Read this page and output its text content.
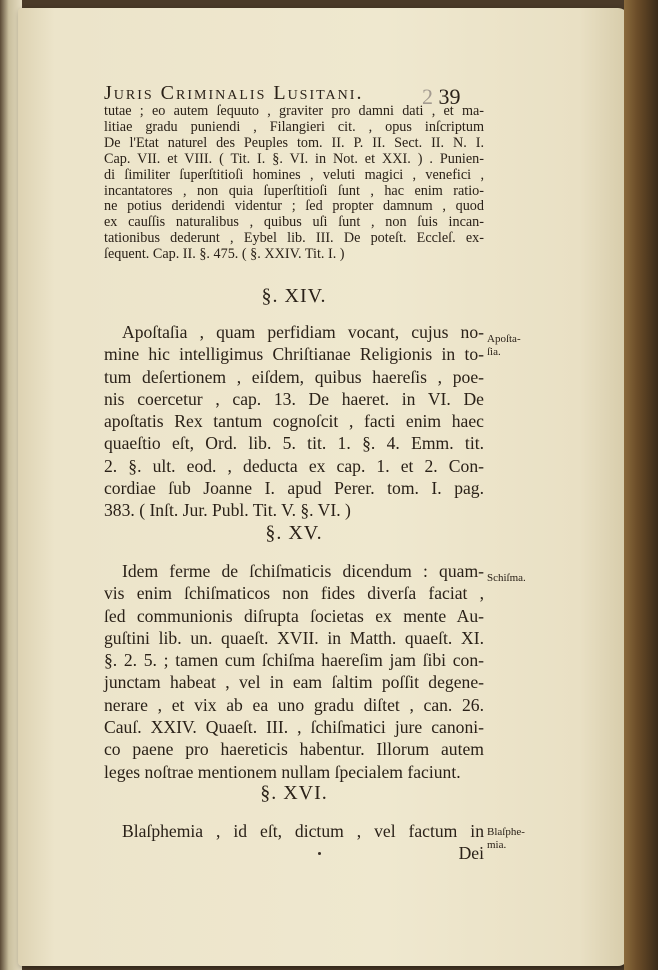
Juris Criminalis Lusitani.	2 39
tutae ; eo autem ſequuto , graviter pro damni dati , et ma-
litiae gradu puniendi , Filangieri cit. , opus inſcriptum
De l'Etat naturel des Peuples tom. II. P. II. Sect. II. N. I.
Cap. VII. et VIII. ( Tit. I. §. VI. in Not. et XXI. ) . Punien-
di ſimiliter ſuperſtitioſi homines , veluti magici , venefici ,
incantatores , non quia ſuperſtitioſi ſunt , hac enim ratio-
ne potius deridendi videntur ; ſed propter damnum , quod
ex cauſſis naturalibus , quibus uſi ſunt , non ſuis incan-
tationibus dederunt , Eybel lib. III. De poteſt. Eccleſ. ex-
ſequent. Cap. II. §. 475. ( §. XXIV. Tit. I. )
§. XIV.
Apoſtaſia , quam perfidiam vocant, cujus no-
mine hic intelligimus Chriſtianae Religionis in to-
tum deſertionem , eiſdem, quibus haereſis , poe-
nis coercetur , cap. 13. De haeret. in VI. De
apoſtatis Rex tantum cognoſcit , facti enim haec
quaeſtio eſt, Ord. lib. 5. tit. 1. §. 4. Emm. tit.
2. §. ult. eod. , deducta ex cap. 1. et 2. Con-
cordiae ſub Joanne I. apud Perer. tom. I. pag.
383. ( Inſt. Jur. Publ. Tit. V. §. VI. )
Apoſta-
ſia.
§. XV.
Idem ferme de ſchiſmaticis dicendum : quam-
vis enim ſchiſmaticos non fides diverſa faciat ,
ſed communionis diſrupta ſocietas ex mente Au-
guſtini lib. un. quaeſt. XVII. in Matth. quaeſt. XI.
§. 2. 5. ; tamen cum ſchiſma haereſim jam ſibi con-
junctam habeat , vel in eam ſaltim poſſit degene-
nerare , et vix ab ea uno gradu diſtet , can. 26.
Cauſ. XXIV. Quaeſt. III. , ſchiſmatici jure canoni-
co paene pro haereticis habentur. Illorum autem
leges noſtrae mentionem nullam ſpecialem faciunt.
Schiſma.
§. XVI.
Blaſphemia , id eſt, dictum , vel factum in
Dei
Blaſphe-
mia.
